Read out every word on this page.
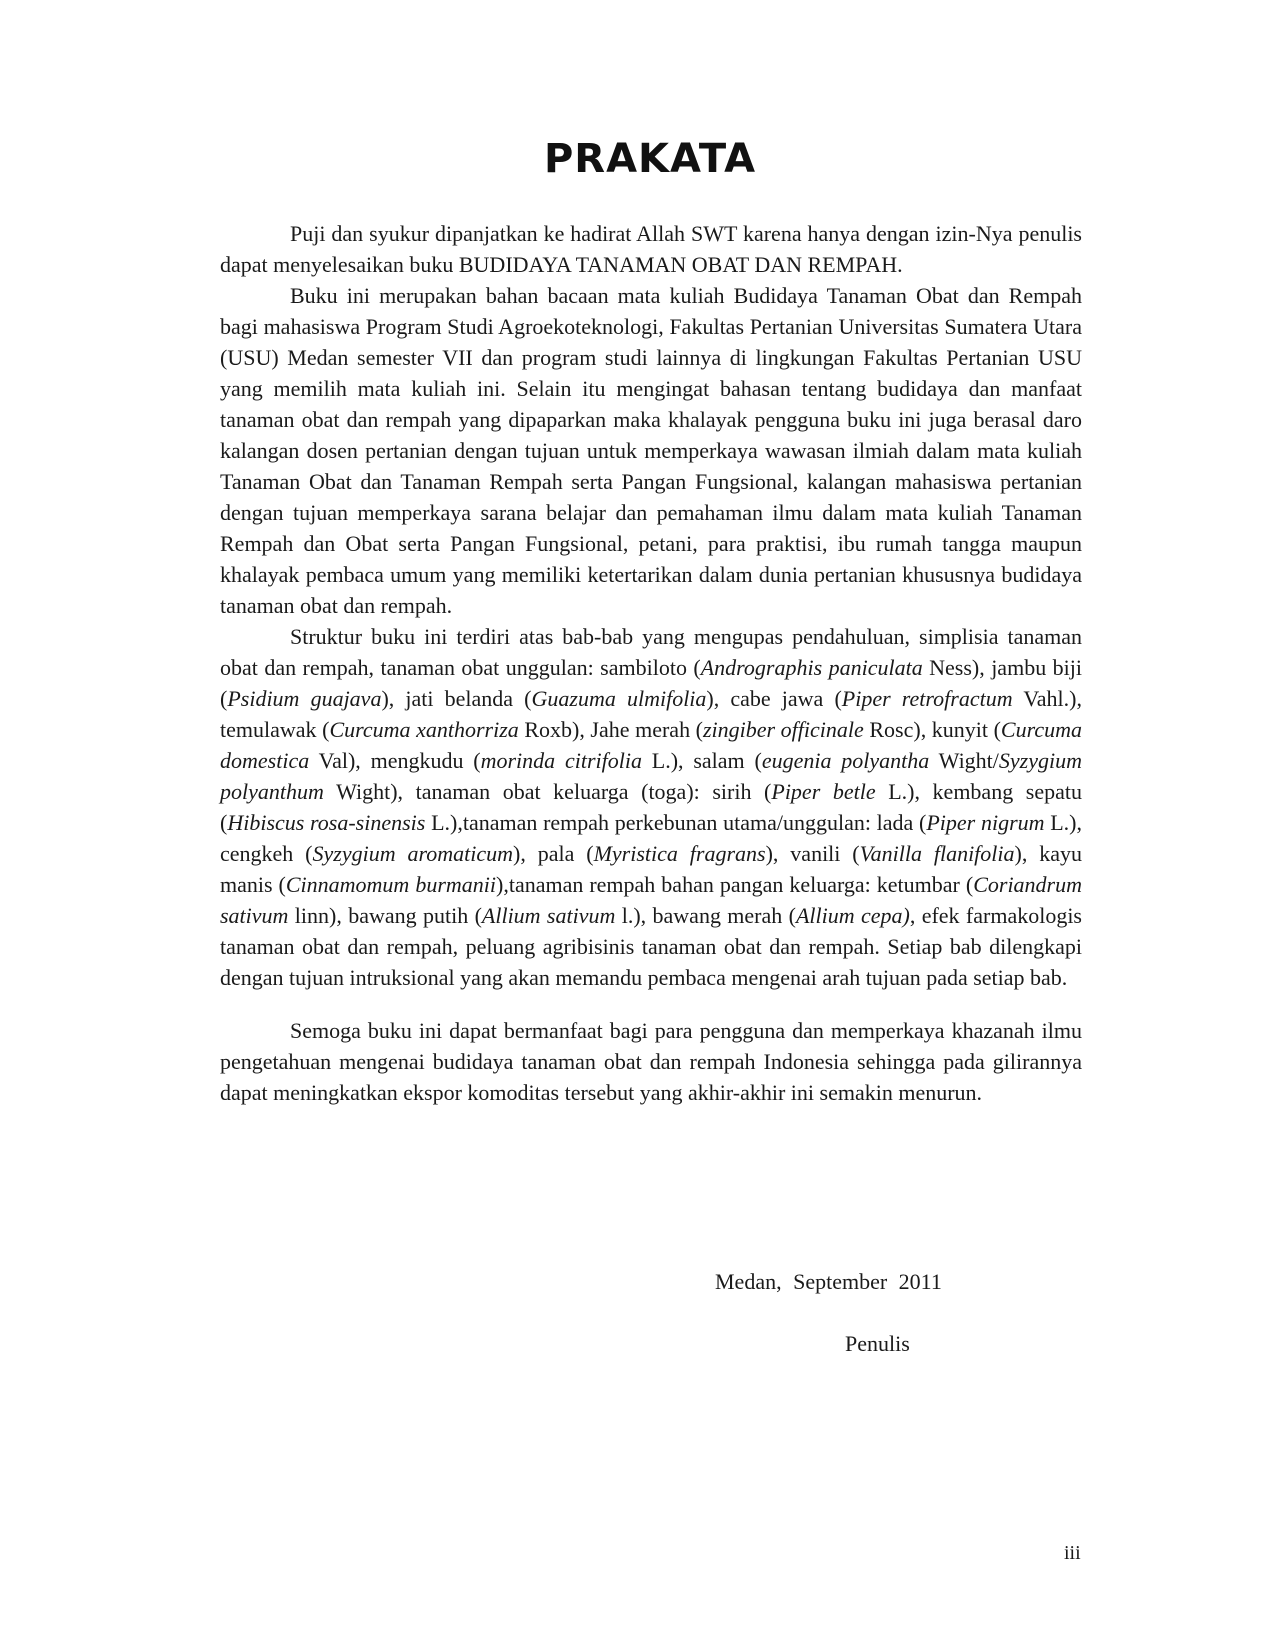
PRAKATA

Puji dan syukur dipanjatkan ke hadirat Allah SWT karena hanya dengan izin-Nya penulis dapat menyelesaikan buku BUDIDAYA TANAMAN OBAT DAN REMPAH.

Buku ini merupakan bahan bacaan mata kuliah Budidaya Tanaman Obat dan Rempah bagi mahasiswa Program Studi Agroekoteknologi, Fakultas Pertanian Universitas Sumatera Utara (USU) Medan semester VII dan program studi lainnya di lingkungan Fakultas Pertanian USU yang memilih mata kuliah ini. Selain itu mengingat bahasan tentang budidaya dan manfaat tanaman obat dan rempah yang dipaparkan maka khalayak pengguna buku ini juga berasal daro kalangan dosen pertanian dengan tujuan untuk memperkaya wawasan ilmiah dalam mata kuliah Tanaman Obat dan Tanaman Rempah serta Pangan Fungsional, kalangan mahasiswa pertanian dengan tujuan memperkaya sarana belajar dan pemahaman ilmu dalam mata kuliah Tanaman Rempah dan Obat serta Pangan Fungsional, petani, para praktisi, ibu rumah tangga maupun khalayak pembaca umum yang memiliki ketertarikan dalam dunia pertanian khususnya budidaya tanaman obat dan rempah.

Struktur buku ini terdiri atas bab-bab yang mengupas pendahuluan, simplisia tanaman obat dan rempah, tanaman obat unggulan: sambiloto (Andrographis paniculata Ness), jambu biji (Psidium guajava), jati belanda (Guazuma ulmifolia), cabe jawa (Piper retrofractum Vahl.), temulawak (Curcuma xanthorriza Roxb), Jahe merah (zingiber officinale Rosc), kunyit (Curcuma domestica Val), mengkudu (morinda citrifolia L.), salam (eugenia polyantha Wight/Syzygium polyanthum Wight), tanaman obat keluarga (toga): sirih (Piper betle L.), kembang sepatu (Hibiscus rosa-sinensis L.),tanaman rempah perkebunan utama/unggulan: lada (Piper nigrum L.), cengkeh (Syzygium aromaticum), pala (Myristica fragrans), vanili (Vanilla flanifolia), kayu manis (Cinnamomum burmanii),tanaman rempah bahan pangan keluarga: ketumbar (Coriandrum sativum linn), bawang putih (Allium sativum l.), bawang merah (Allium cepa), efek farmakologis tanaman obat dan rempah, peluang agribisinis tanaman obat dan rempah. Setiap bab dilengkapi dengan tujuan intruksional yang akan memandu pembaca mengenai arah tujuan pada setiap bab.

Semoga buku ini dapat bermanfaat bagi para pengguna dan memperkaya khazanah ilmu pengetahuan mengenai budidaya tanaman obat dan rempah Indonesia sehingga pada gilirannya dapat meningkatkan ekspor komoditas tersebut yang akhir-akhir ini semakin menurun.

Medan, September 2011
Penulis
iii
